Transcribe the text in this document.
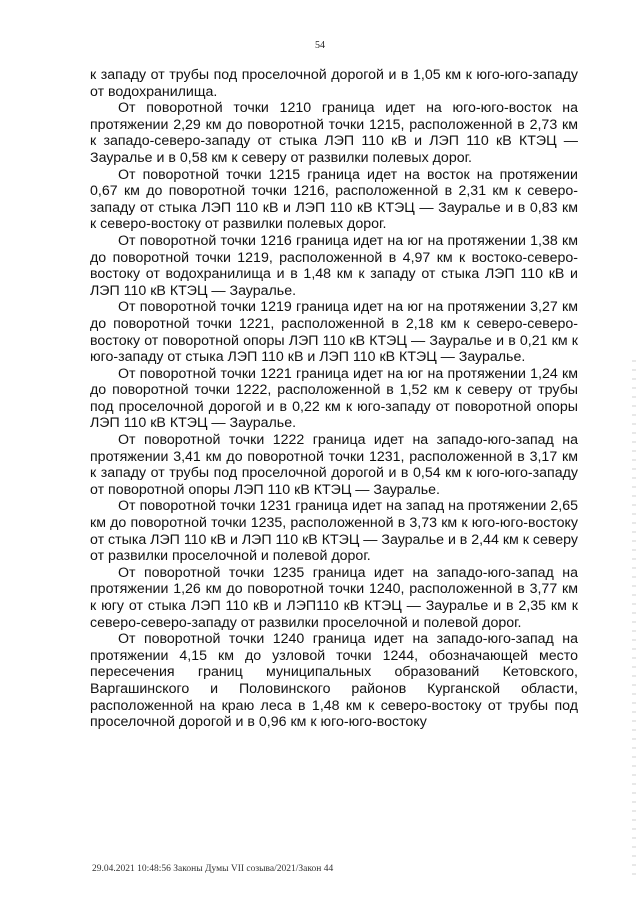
54

к западу от трубы под проселочной дорогой и в 1,05 км к юго-юго-западу от водохранилища.

От поворотной точки 1210 граница идет на юго-юго-восток на протяжении 2,29 км до поворотной точки 1215, расположенной в 2,73 км к западо-северо-западу от стыка ЛЭП 110 кВ и ЛЭП 110 кВ КТЭЦ — Зауралье и в 0,58 км к северу от развилки полевых дорог.

От поворотной точки 1215 граница идет на восток на протяжении 0,67 км до поворотной точки 1216, расположенной в 2,31 км к северо-западу от стыка ЛЭП 110 кВ и ЛЭП 110 кВ КТЭЦ — Зауралье и в 0,83 км к северо-востоку от развилки полевых дорог.

От поворотной точки 1216 граница идет на юг на протяжении 1,38 км до поворотной точки 1219, расположенной в 4,97 км к востоко-северо-востоку от водохранилища и в 1,48 км к западу от стыка ЛЭП 110 кВ и ЛЭП 110 кВ КТЭЦ — Зауралье.

От поворотной точки 1219 граница идет на юг на протяжении 3,27 км до поворотной точки 1221, расположенной в 2,18 км к северо-северо-востоку от поворотной опоры ЛЭП 110 кВ КТЭЦ — Зауралье и в 0,21 км к юго-западу от стыка ЛЭП 110 кВ и ЛЭП 110 кВ КТЭЦ — Зауралье.

От поворотной точки 1221 граница идет на юг на протяжении 1,24 км до поворотной точки 1222, расположенной в 1,52 км к северу от трубы под проселочной дорогой и в 0,22 км к юго-западу от поворотной опоры ЛЭП 110 кВ КТЭЦ — Зауралье.

От поворотной точки 1222 граница идет на западо-юго-запад на протяжении 3,41 км до поворотной точки 1231, расположенной в 3,17 км к западу от трубы под проселочной дорогой и в 0,54 км к юго-юго-западу от поворотной опоры ЛЭП 110 кВ КТЭЦ — Зауралье.

От поворотной точки 1231 граница идет на запад на протяжении 2,65 км до поворотной точки 1235, расположенной в 3,73 км к юго-юго-востоку от стыка ЛЭП 110 кВ и ЛЭП 110 кВ КТЭЦ — Зауралье и в 2,44 км к северу от развилки проселочной и полевой дорог.

От поворотной точки 1235 граница идет на западо-юго-запад на протяжении 1,26 км до поворотной точки 1240, расположенной в 3,77 км к югу от стыка ЛЭП 110 кВ и ЛЭП110 кВ КТЭЦ — Зауралье и в 2,35 км к северо-северо-западу от развилки проселочной и полевой дорог.

От поворотной точки 1240 граница идет на западо-юго-запад на протяжении 4,15 км до узловой точки 1244, обозначающей место пересечения границ муниципальных образований Кетовского, Варгашинского и Половинского районов Курганской области, расположенной на краю леса в 1,48 км к северо-востоку от трубы под проселочной дорогой и в 0,96 км к юго-юго-востоку

29.04.2021 10:48:56 Законы Думы VII созыва/2021/Закон 44
